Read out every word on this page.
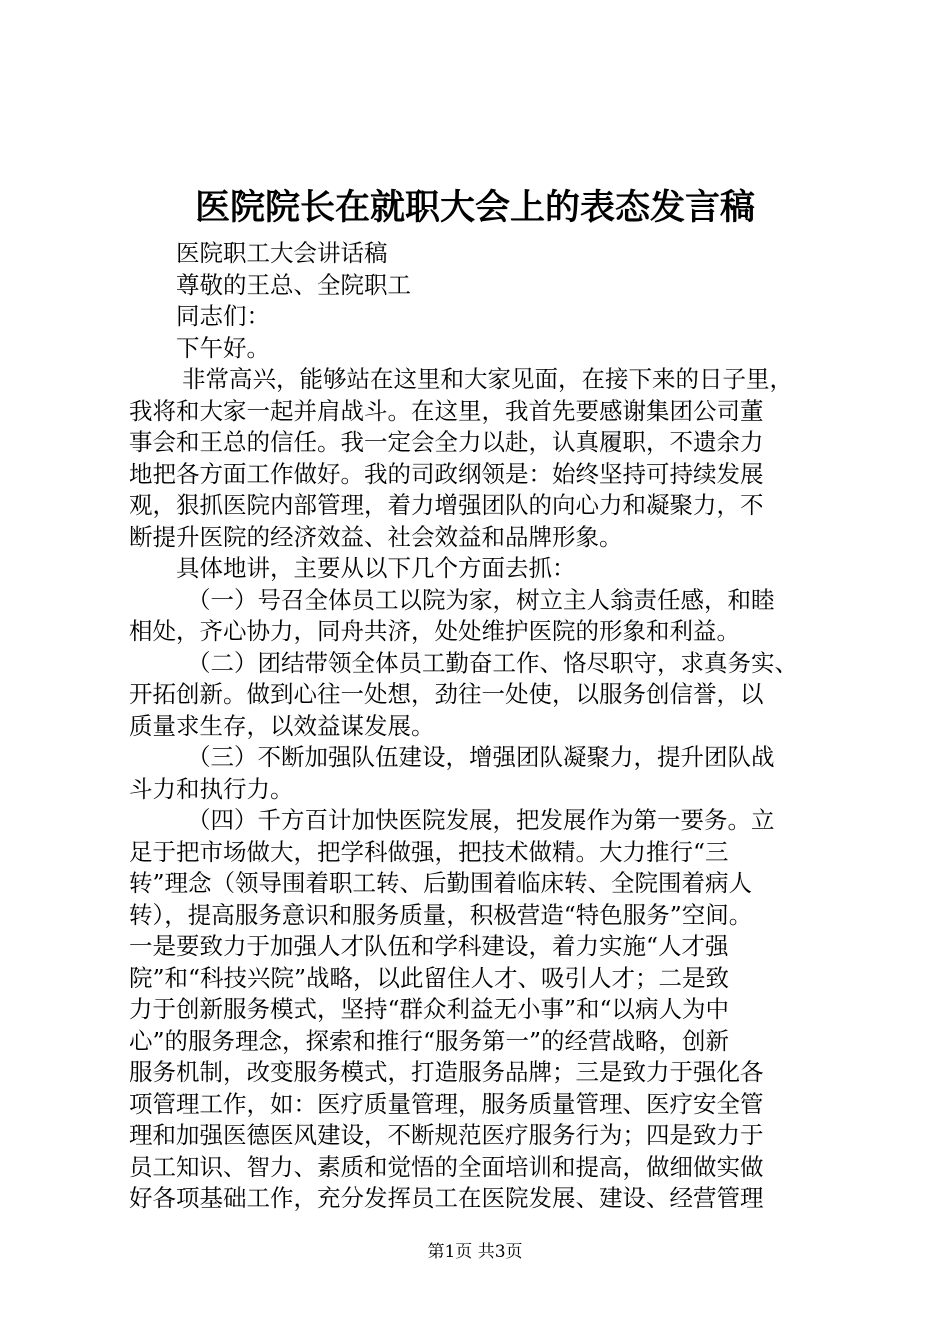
医院院长在就职大会上的表态发言稿
医院职工大会讲话稿
尊敬的王总、全院职工
同志们：
下午好。
非常高兴，能够站在这里和大家见面，在接下来的日子里，
我将和大家一起并肩战斗。在这里，我首先要感谢集团公司董
事会和王总的信任。我一定会全力以赴，认真履职，不遗余力
地把各方面工作做好。我的司政纲领是：始终坚持可持续发展
观，狠抓医院内部管理，着力增强团队的向心力和凝聚力，不
断提升医院的经济效益、社会效益和品牌形象。
具体地讲，主要从以下几个方面去抓：
（一）号召全体员工以院为家，树立主人翁责任感，和睦
相处，齐心协力，同舟共济，处处维护医院的形象和利益。
（二）团结带领全体员工勤奋工作、恪尽职守，求真务实、
开拓创新。做到心往一处想，劲往一处使，以服务创信誉，以
质量求生存，以效益谋发展。
（三）不断加强队伍建设，增强团队凝聚力，提升团队战
斗力和执行力。
（四）千方百计加快医院发展，把发展作为第一要务。立
足于把市场做大，把学科做强，把技术做精。大力推行“三
转”理念（领导围着职工转、后勤围着临床转、全院围着病人
转），提高服务意识和服务质量，积极营造“特色服务”空间。
一是要致力于加强人才队伍和学科建设，着力实施“人才强
院”和“科技兴院”战略，以此留住人才、吸引人才；二是致
力于创新服务模式，坚持“群众利益无小事”和“以病人为中
心”的服务理念，探索和推行“服务第一”的经营战略，创新
服务机制，改变服务模式，打造服务品牌；三是致力于强化各
项管理工作，如：医疗质量管理，服务质量管理、医疗安全管
理和加强医德医风建设，不断规范医疗服务行为；四是致力于
员工知识、智力、素质和觉悟的全面培训和提高，做细做实做
好各项基础工作，充分发挥员工在医院发展、建设、经营管理
第1页 共3页
